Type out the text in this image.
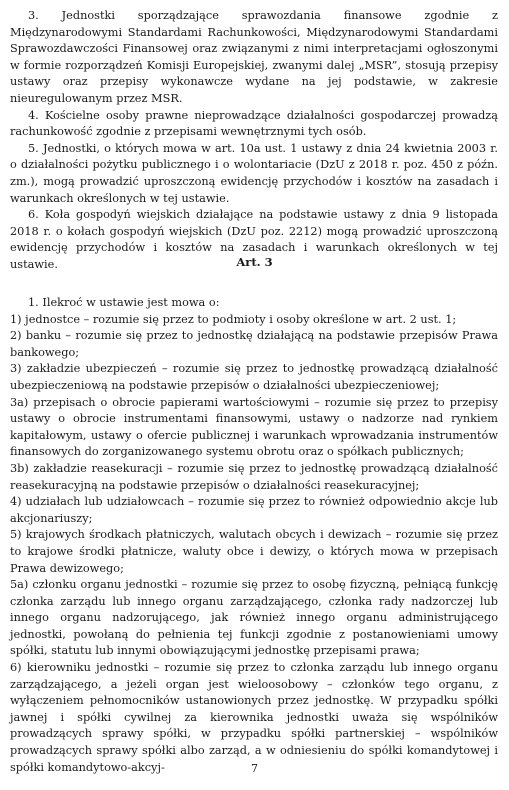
3. Jednostki sporządzające sprawozdania finansowe zgodnie z Międzynarodowymi Standardami Rachunkowości, Międzynarodowymi Standardami Sprawozdawczości Finansowej oraz związanymi z nimi interpretacjami ogłoszonymi w formie rozporządzeń Komisji Europejskiej, zwanymi dalej „MSR”, stosują przepisy ustawy oraz przepisy wykonawcze wydane na jej podstawie, w zakresie nieuregulowanym przez MSR.

4. Kościelne osoby prawne nieprowadzące działalności gospodarczej prowadzą rachunkowość zgodnie z przepisami wewnętrznymi tych osób.

5. Jednostki, o których mowa w art. 10a ust. 1 ustawy z dnia 24 kwietnia 2003 r. o działalności pożytku publicznego i o wolontariacie (DzU z 2018 r. poz. 450 z późn. zm.), mogą prowadzić uproszczoną ewidencję przychodów i kosztów na zasadach i warunkach określonych w tej ustawie.

6. Koła gospodyń wiejskich działające na podstawie ustawy z dnia 9 listopada 2018 r. o kołach gospodyń wiejskich (DzU poz. 2212) mogą prowadzić uproszczoną ewidencję przychodów i kosztów na zasadach i warunkach określonych w tej ustawie.	Art. 3

1. Ilekroć w ustawie jest mowa o:

1) jednostce – rozumie się przez to podmioty i osoby określone w art. 2 ust. 1;

2) banku – rozumie się przez to jednostkę działającą na podstawie przepisów Prawa bankowego;

3) zakładzie ubezpieczeń – rozumie się przez to jednostkę prowadzącą działalność ubezpieczeniową na podstawie przepisów o działalności ubezpieczeniowej;

3a) przepisach o obrocie papierami wartościowymi – rozumie się przez to przepisy ustawy o obrocie instrumentami finansowymi, ustawy o nadzorze nad rynkiem kapitałowym, ustawy o ofercie publicznej i warunkach wprowadzania instrumentów finansowych do zorganizowanego systemu obrotu oraz o spółkach publicznych;

3b) zakładzie reasekuracji – rozumie się przez to jednostkę prowadzącą działalność reasekuracyjną na podstawie przepisów o działalności reasekuracyjnej;

4) udziałach lub udziałowcach – rozumie się przez to również odpowiednio akcje lub akcjonariuszy;

5) krajowych środkach płatniczych, walutach obcych i dewizach – rozumie się przez to krajowe środki płatnicze, waluty obce i dewizy, o których mowa w przepisach Prawa dewizowego;

5a) członku organu jednostki – rozumie się przez to osobę fizyczną, pełniącą funkcję członka zarządu lub innego organu zarządzającego, członka rady nadzorczej lub innego organu nadzorującego, jak również innego organu administrującego jednostki, powołaną do pełnienia tej funkcji zgodnie z postanowieniami umowy spółki, statutu lub innymi obowiązującymi jednostkę przepisami prawa;

6) kierowniku jednostki – rozumie się przez to członka zarządu lub innego organu zarządzającego, a jeżeli organ jest wieloosobowy – członków tego organu, z wyłączeniem pełnomocników ustanowionych przez jednostkę. W przypadku spółki jawnej i spółki cywilnej za kierownika jednostki uważa się wspólników prowadzących sprawy spółki, w przypadku spółki partnerskiej – wspólników prowadzących sprawy spółki albo zarząd, a w odniesieniu do spółki komandytowej i spółki komandytowo-akcyj-	7
